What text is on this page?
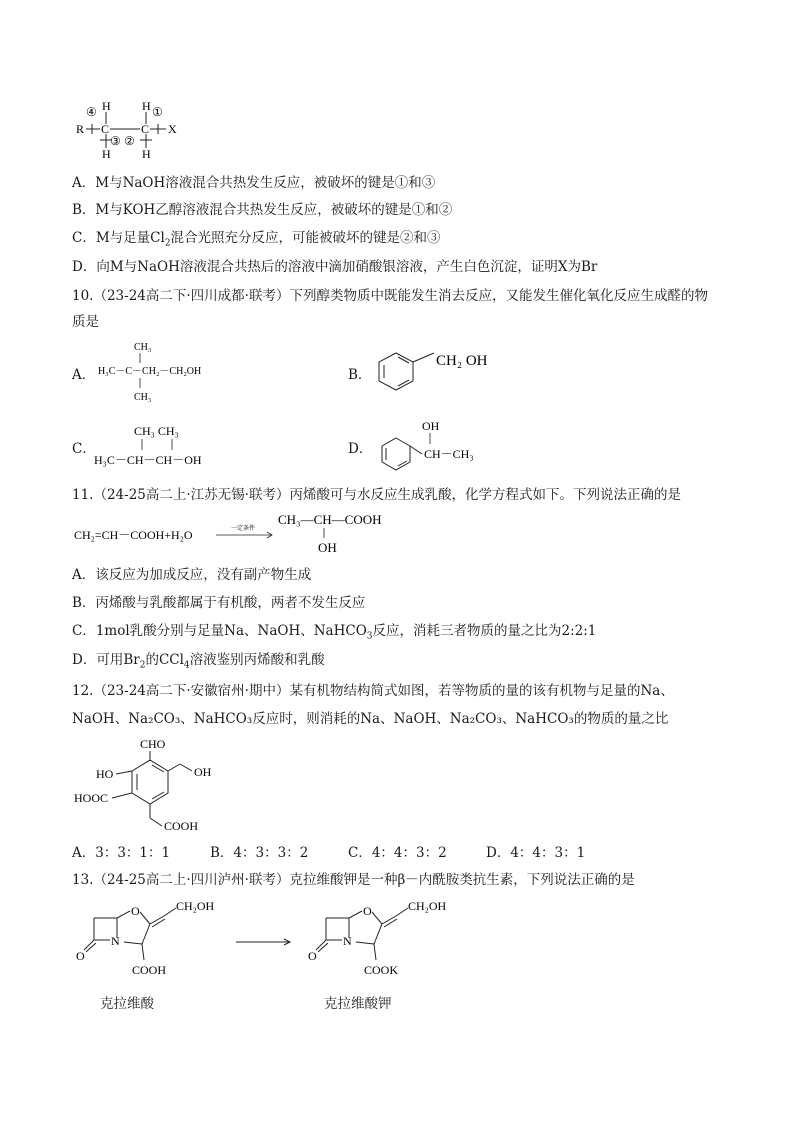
④ H	H ①
R C	C X
③ ②
H	H
A．M与NaOH溶液混合共热发生反应，被破坏的键是①和③
B．M与KOH乙醇溶液混合共热发生反应，被破坏的键是①和②
C．M与足量$Cl_2$混合光照充分反应，可能被破坏的键是②和③
D．向M与NaOH溶液混合共热后的溶液中滴加硝酸银溶液，产生白色沉淀，证明X为Br
10.（23-24高二下·四川成都·联考）下列醇类物质中既能发生消去反应，又能发生催化氧化反应生成醛的物
质是
A．
CH₃
H₃C－C－CH₂－CH₂OH
CH₃
B．
CH₂ OH
C．
CH₃ CH₃
H₃C－CH－CH－OH
D．
OH
CH－CH₃
11.（24-25高二上·江苏无锡·联考）丙烯酸可与水反应生成乳酸，化学方程式如下。下列说法正确的是
CH₂=CH－COOH+H₂O	一定条件
CH₃—CH—COOH
OH
A．该反应为加成反应，没有副产物生成
B．丙烯酸与乳酸都属于有机酸，两者不发生反应
C．1mol乳酸分别与足量Na、NaOH、NaHCO$_3$反应，消耗三者物质的量之比为2:2:1
D．可用$Br_2$的CCl$_4$溶液鉴别丙烯酸和乳酸
12.（23-24高二下·安徽宿州·期中）某有机物结构简式如图，若等物质的量的该有机物与足量的Na、
NaOH、Na₂CO₃、NaHCO₃反应时，则消耗的Na、NaOH、Na₂CO₃、NaHCO₃的物质的量之比
CHO
HO	OH
HOOC
COOH
A．3：3：1：1	B．4：3：3：2	C．4：4：3：2	D．4：4：3：1
13.（24-25高二上·四川泸州·联考）克拉维酸钾是一种β－内酰胺类抗生素，下列说法正确的是
O
N
O	CH₂OH
COOH
O
N
O	CH₂OH
COOK
克拉维酸	克拉维酸钾
